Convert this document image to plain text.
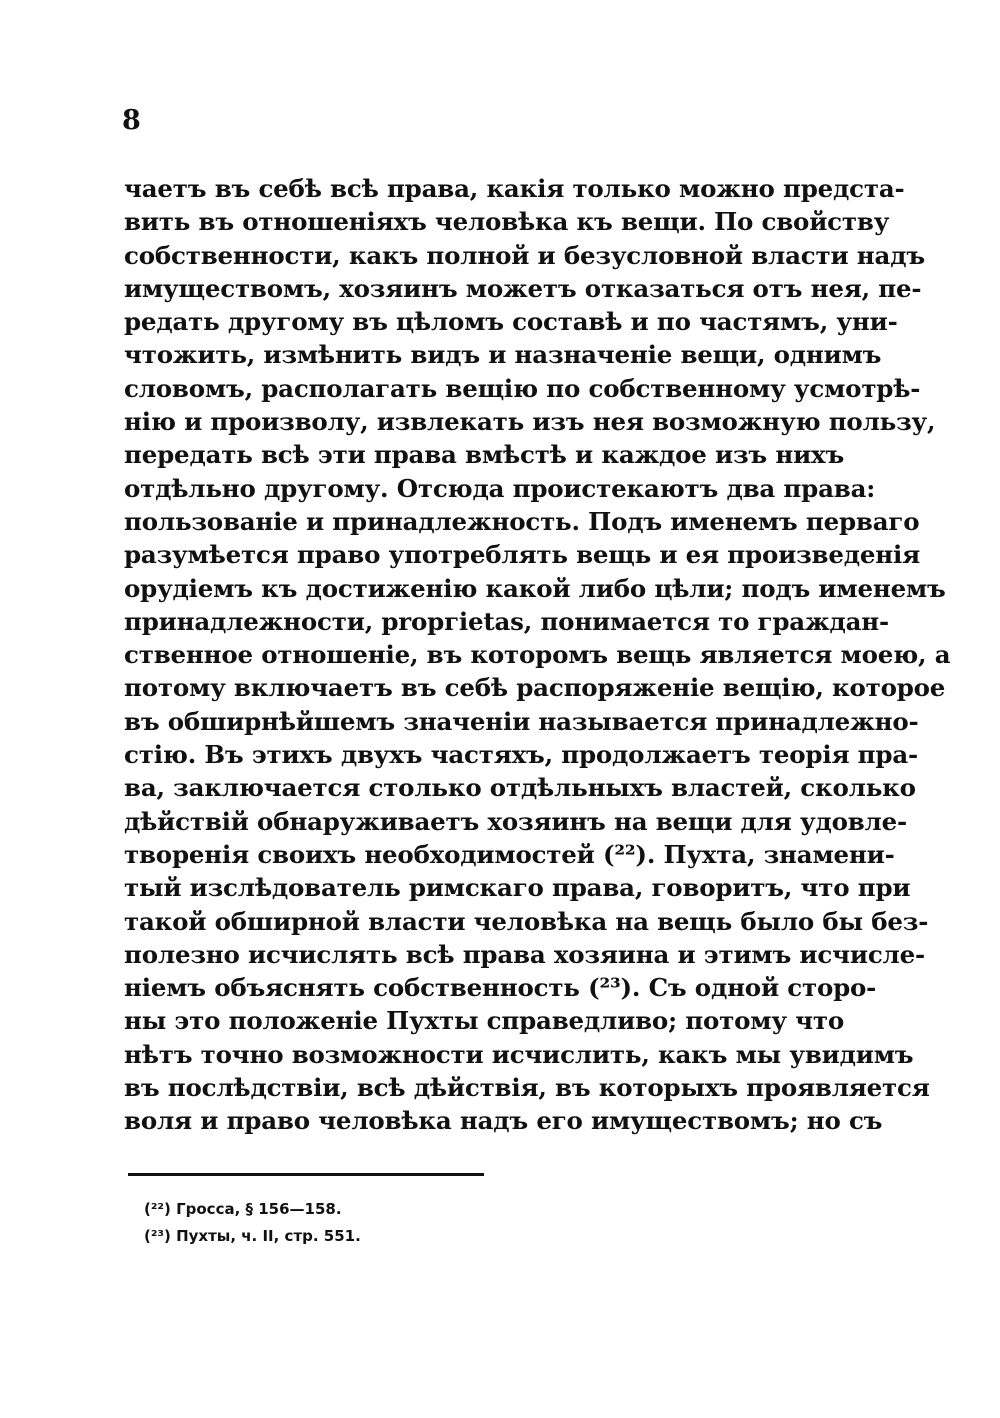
8
чаетъ въ себѣ всѣ права, какія только можно предста-
вить въ отношеніяхъ человѣка къ вещи. По свойству
собственности, какъ полной и безусловной власти надъ
имуществомъ, хозяинъ можетъ отказаться отъ нея, пе-
редать другому въ цѣломъ составѣ и по частямъ, уни-
чтожить, измѣнить видъ и назначеніе вещи, однимъ
словомъ, располагать вещію по собственному усмотрѣ-
нію и произволу, извлекать изъ нея возможную пользу,
передать всѣ эти права вмѣстѣ и каждое изъ нихъ
отдѣльно другому. Отсюда проистекаютъ два права:
пользованіе и принадлежность. Подъ именемъ перваго
разумѣется право употреблять вещь и ея произведенія
орудіемъ къ достиженію какой либо цѣли; подъ именемъ
принадлежности, prоргіetas, понимается то граждан-
ственное отношеніе, въ которомъ вещь является моею, а
потому включаетъ въ себѣ распоряженіе вещію, которое
въ обширнѣйшемъ значеніи называется принадлежно-
стію. Въ этихъ двухъ частяхъ, продолжаетъ теорія пра-
ва, заключается столько отдѣльныхъ властей, сколько
дѣйствій обнаруживаетъ хозяинъ на вещи для удовле-
творенія своихъ необходимостей (²²). Пухта, знамени-
тый изслѣдователь римскаго права, говоритъ, что при
такой обширной власти человѣка на вещь было бы без-
полезно исчислять всѣ права хозяина и этимъ исчисле-
ніемъ объяснять собственность (²³). Съ одной сторо-
ны это положеніе Пухты справедливо; потому что
нѣтъ точно возможности исчислить, какъ мы увидимъ
въ послѣдствіи, всѣ дѣйствія, въ которыхъ проявляется
воля и право человѣка надъ его имуществомъ; но съ
(²²) Гросса, § 156—158.
(²³) Пухты, ч. II, стр. 551.
